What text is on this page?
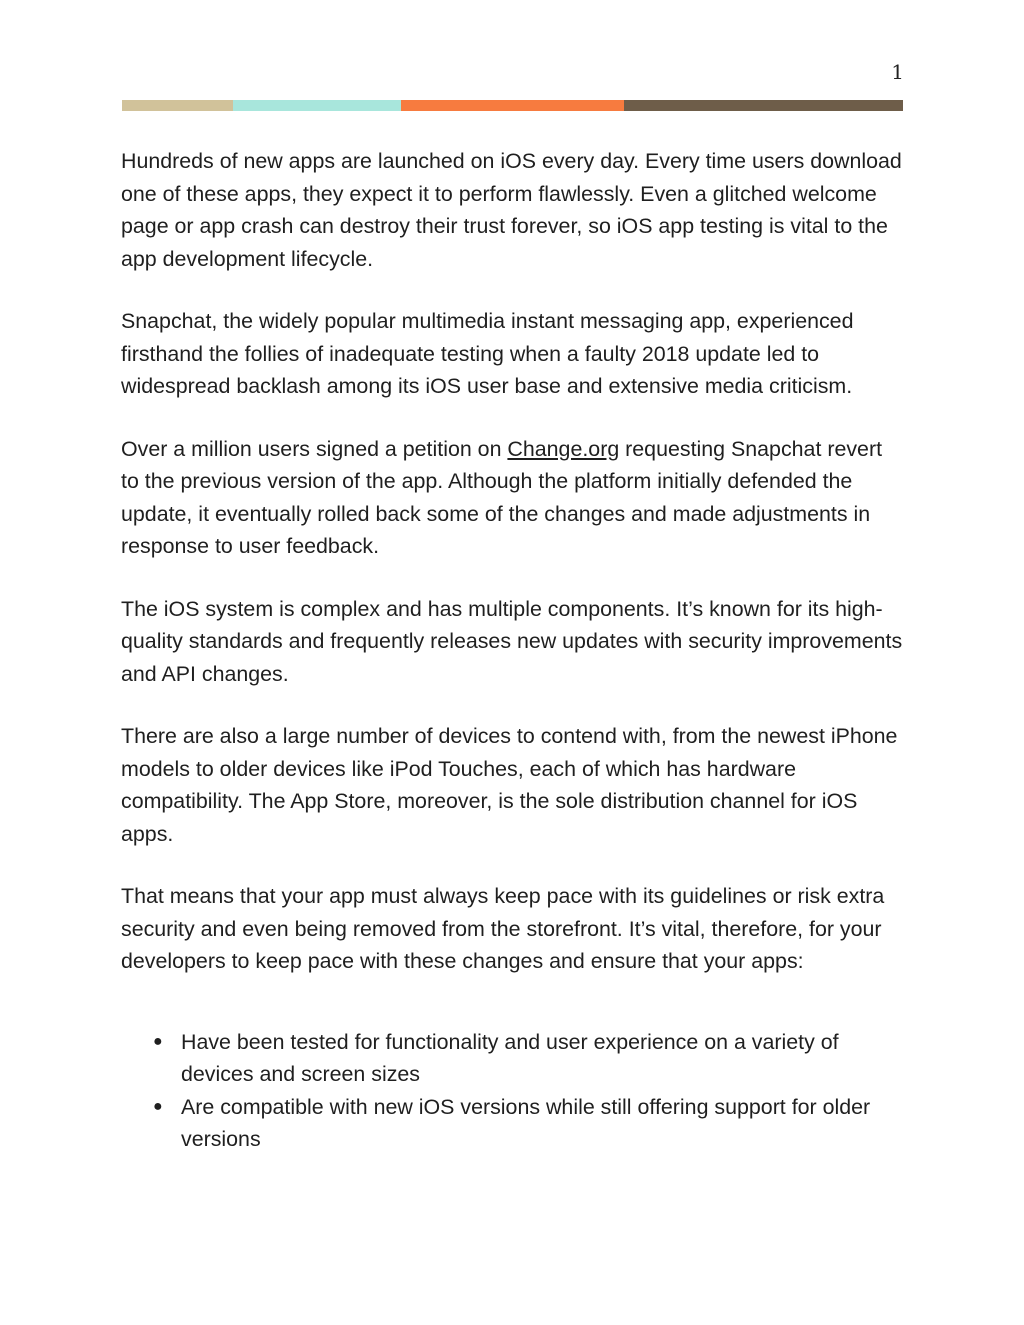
1

Hundreds of new apps are launched on iOS every day. Every time users download one of these apps, they expect it to perform flawlessly. Even a glitched welcome page or app crash can destroy their trust forever, so iOS app testing is vital to the app development lifecycle.

Snapchat, the widely popular multimedia instant messaging app, experienced firsthand the follies of inadequate testing when a faulty 2018 update led to widespread backlash among its iOS user base and extensive media criticism.

Over a million users signed a petition on Change.org requesting Snapchat revert to the previous version of the app. Although the platform initially defended the update, it eventually rolled back some of the changes and made adjustments in response to user feedback.

The iOS system is complex and has multiple components. It’s known for its high-quality standards and frequently releases new updates with security improvements and API changes.

There are also a large number of devices to contend with, from the newest iPhone models to older devices like iPod Touches, each of which has hardware compatibility. The App Store, moreover, is the sole distribution channel for iOS apps.

That means that your app must always keep pace with its guidelines or risk extra security and even being removed from the storefront. It’s vital, therefore, for your developers to keep pace with these changes and ensure that your apps:

● Have been tested for functionality and user experience on a variety of devices and screen sizes
● Are compatible with new iOS versions while still offering support for older versions
